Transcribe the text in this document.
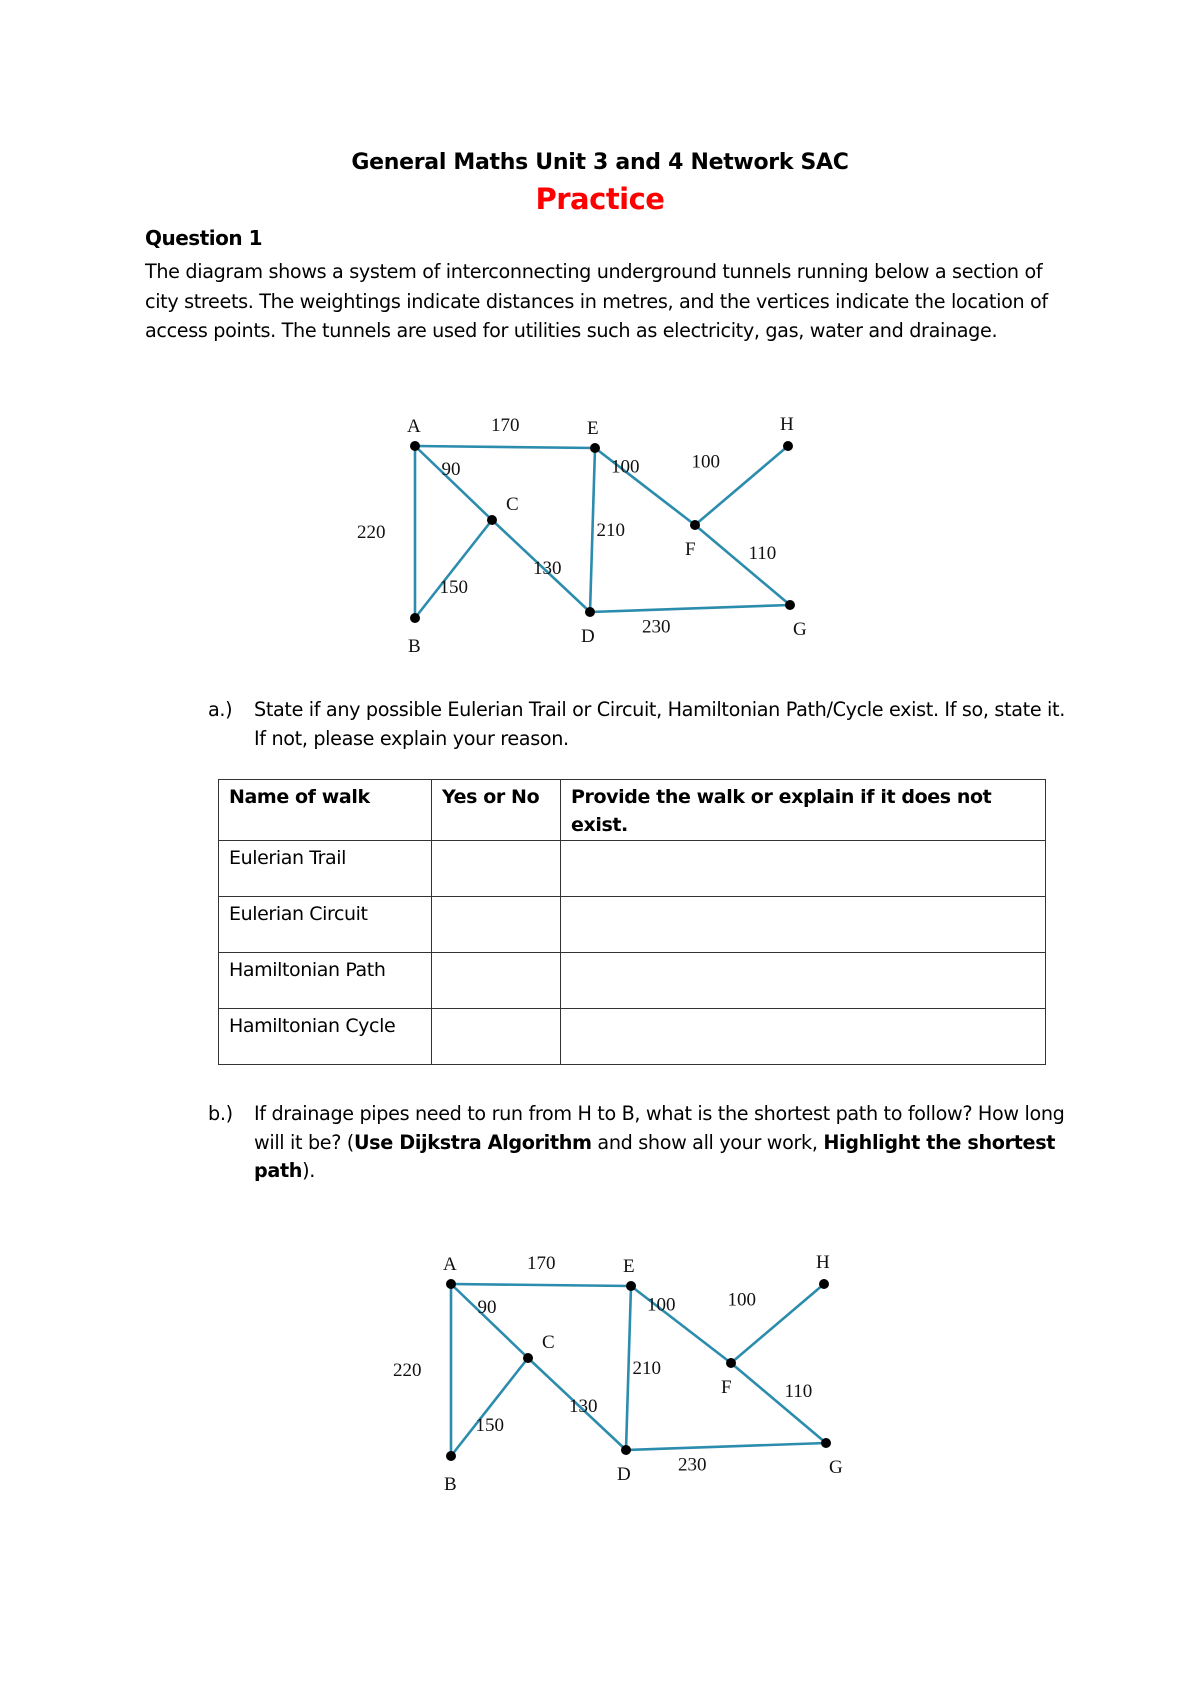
General Maths Unit 3 and 4 Network SAC
Practice
Question 1
The diagram shows a system of interconnecting underground tunnels running below a section of city streets. The weightings indicate distances in metres, and the vertices indicate the location of access points. The tunnels are used for utilities such as electricity, gas, water and drainage.
170
90
220
150
130
210
100	100
110
230
A
B
C
D
E
F
G
H
170
90
220
150
130
210
100	100
110
230
A
B
C
D
E
F
G
H
a.)	State if any possible Eulerian Trail or Circuit, Hamiltonian Path/Cycle exist. If so, state it. If not, please explain your reason.
Name of walk	Yes or No	Provide the walk or explain if it does not exist.
Eulerian Trail		
Eulerian Circuit		
Hamiltonian Path		
Hamiltonian Cycle		
b.)	If drainage pipes need to run from H to B, what is the shortest path to follow? How long will it be? (Use Dijkstra Algorithm and show all your work, Highlight the shortest path).
